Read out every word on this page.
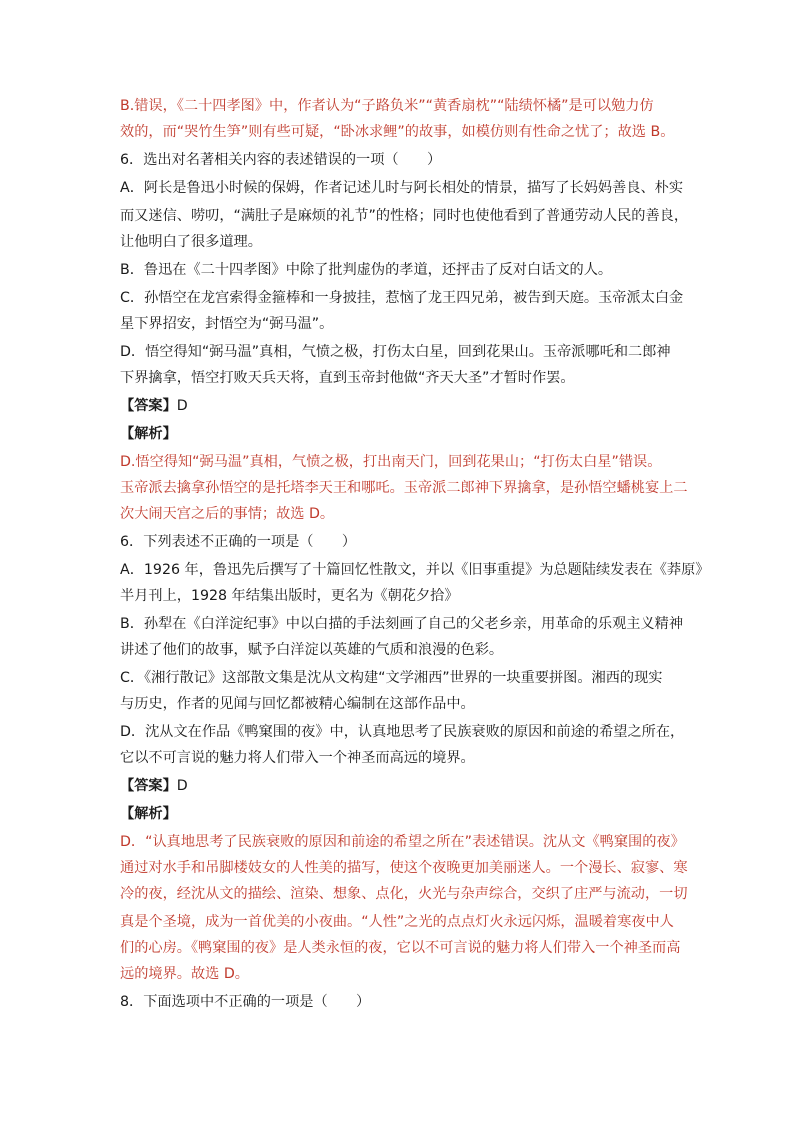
B.错误，《二十四孝图》中，作者认为“子路负米”“黄香扇枕”“陆绩怀橘”是可以勉力仿
效的，而“哭竹生笋”则有些可疑，“卧冰求鲤”的故事，如模仿则有性命之忧了；故选 B。
6．选出对名著相关内容的表述错误的一项（　　）
A．阿长是鲁迅小时候的保姆，作者记述儿时与阿长相处的情景，描写了长妈妈善良、朴实
而又迷信、唠叨，“满肚子是麻烦的礼节”的性格；同时也使他看到了普通劳动人民的善良，
让他明白了很多道理。
B．鲁迅在《二十四孝图》中除了批判虚伪的孝道，还抨击了反对白话文的人。
C．孙悟空在龙宫索得金箍棒和一身披挂，惹恼了龙王四兄弟，被告到天庭。玉帝派太白金
星下界招安，封悟空为“弼马温”。
D．悟空得知“弼马温”真相，气愤之极，打伤太白星，回到花果山。玉帝派哪吒和二郎神
下界擒拿，悟空打败天兵天将，直到玉帝封他做“齐天大圣”才暂时作罢。
【答案】D
【解析】
D.悟空得知“弼马温”真相，气愤之极，打出南天门，回到花果山；“打伤太白星”错误。
玉帝派去擒拿孙悟空的是托塔李天王和哪吒。玉帝派二郎神下界擒拿，是孙悟空蟠桃宴上二
次大闹天宫之后的事情；故选 D。
6．下列表述不正确的一项是（　　）
A．1926 年，鲁迅先后撰写了十篇回忆性散文，并以《旧事重提》为总题陆续发表在《莽原》
半月刊上，1928 年结集出版时，更名为《朝花夕拾》
B．孙犁在《白洋淀纪事》中以白描的手法刻画了自己的父老乡亲，用革命的乐观主义精神
讲述了他们的故事，赋予白洋淀以英雄的气质和浪漫的色彩。
C．《湘行散记》这部散文集是沈从文构建“文学湘西”世界的一块重要拼图。湘西的现实
与历史，作者的见闻与回忆都被精心编制在这部作品中。
D．沈从文在作品《鸭窠围的夜》中，认真地思考了民族衰败的原因和前途的希望之所在，
它以不可言说的魅力将人们带入一个神圣而高远的境界。
【答案】D
【解析】
D．“认真地思考了民族衰败的原因和前途的希望之所在”表述错误。沈从文《鸭窠围的夜》
通过对水手和吊脚楼妓女的人性美的描写，使这个夜晚更加美丽迷人。一个漫长、寂寥、寒
冷的夜，经沈从文的描绘、渲染、想象、点化，火光与杂声综合，交织了庄严与流动，一切
真是个圣境，成为一首优美的小夜曲。“人性”之光的点点灯火永远闪烁，温暖着寒夜中人
们的心房。《鸭窠围的夜》是人类永恒的夜，它以不可言说的魅力将人们带入一个神圣而高
远的境界。故选 D。
8．下面选项中不正确的一项是（　　）
